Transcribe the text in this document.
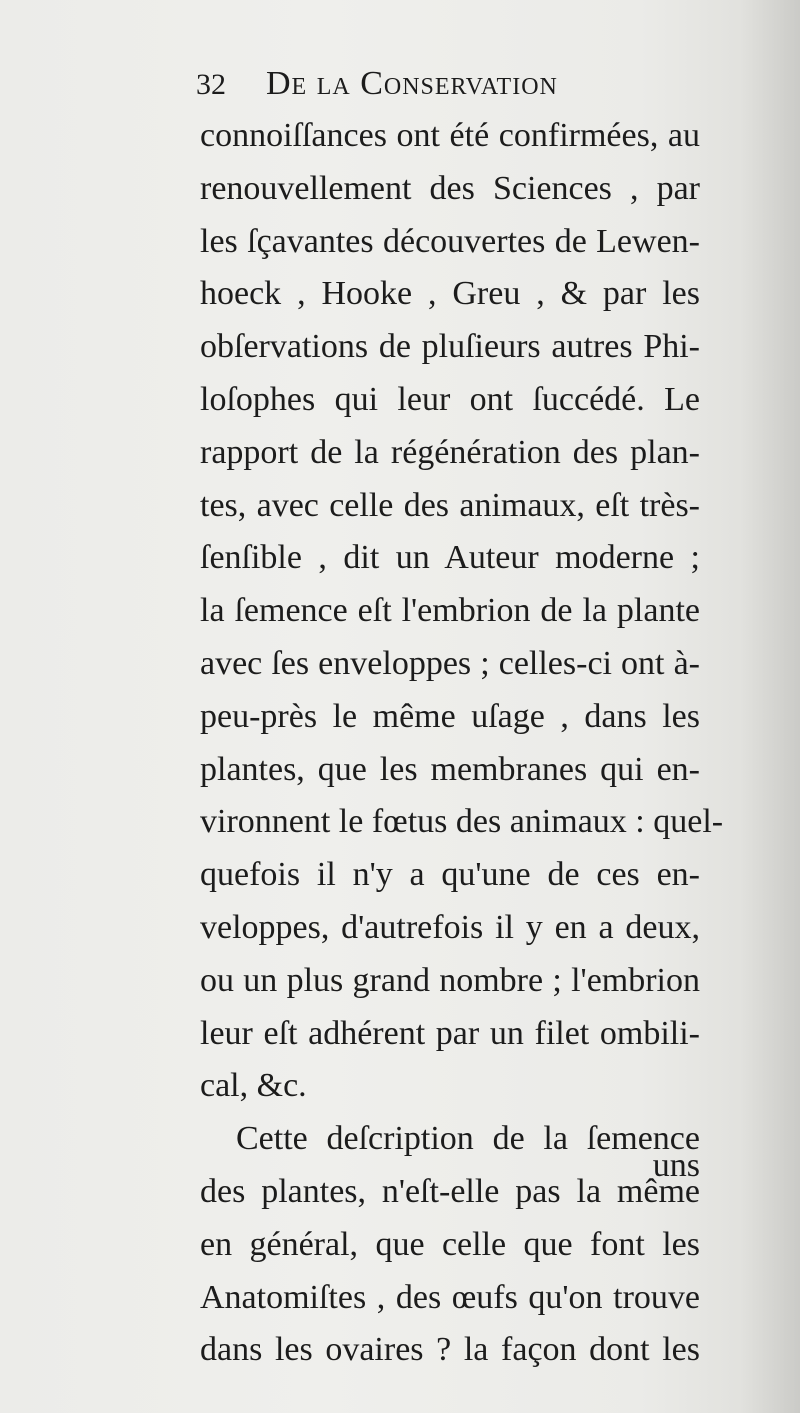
32 De la Conservation
connoiſſances ont été confirmées, au
renouvellement des Sciences , par
les ſçavantes découvertes de Lewen-
hoeck , Hooke , Greu , & par les
obſervations de pluſieurs autres Phi-
loſophes qui leur ont ſuccédé. Le
rapport de la régénération des plan-
tes, avec celle des animaux, eſt très-
ſenſible , dit un Auteur moderne ;
la ſemence eſt l'embrion de la plante
avec ſes enveloppes ; celles-ci ont à-
peu-près le même uſage , dans les
plantes, que les membranes qui en-
vironnent le fœtus des animaux : quel-
quefois il n'y a qu'une de ces en-
veloppes, d'autrefois il y en a deux,
ou un plus grand nombre ; l'embrion
leur eſt adhérent par un filet ombili-
cal, &c.
Cette deſcription de la ſemence
des plantes, n'eſt-elle pas la même
en général, que celle que font les
Anatomiſtes , des œufs qu'on trouve
dans les ovaires ? la façon dont les
uns
